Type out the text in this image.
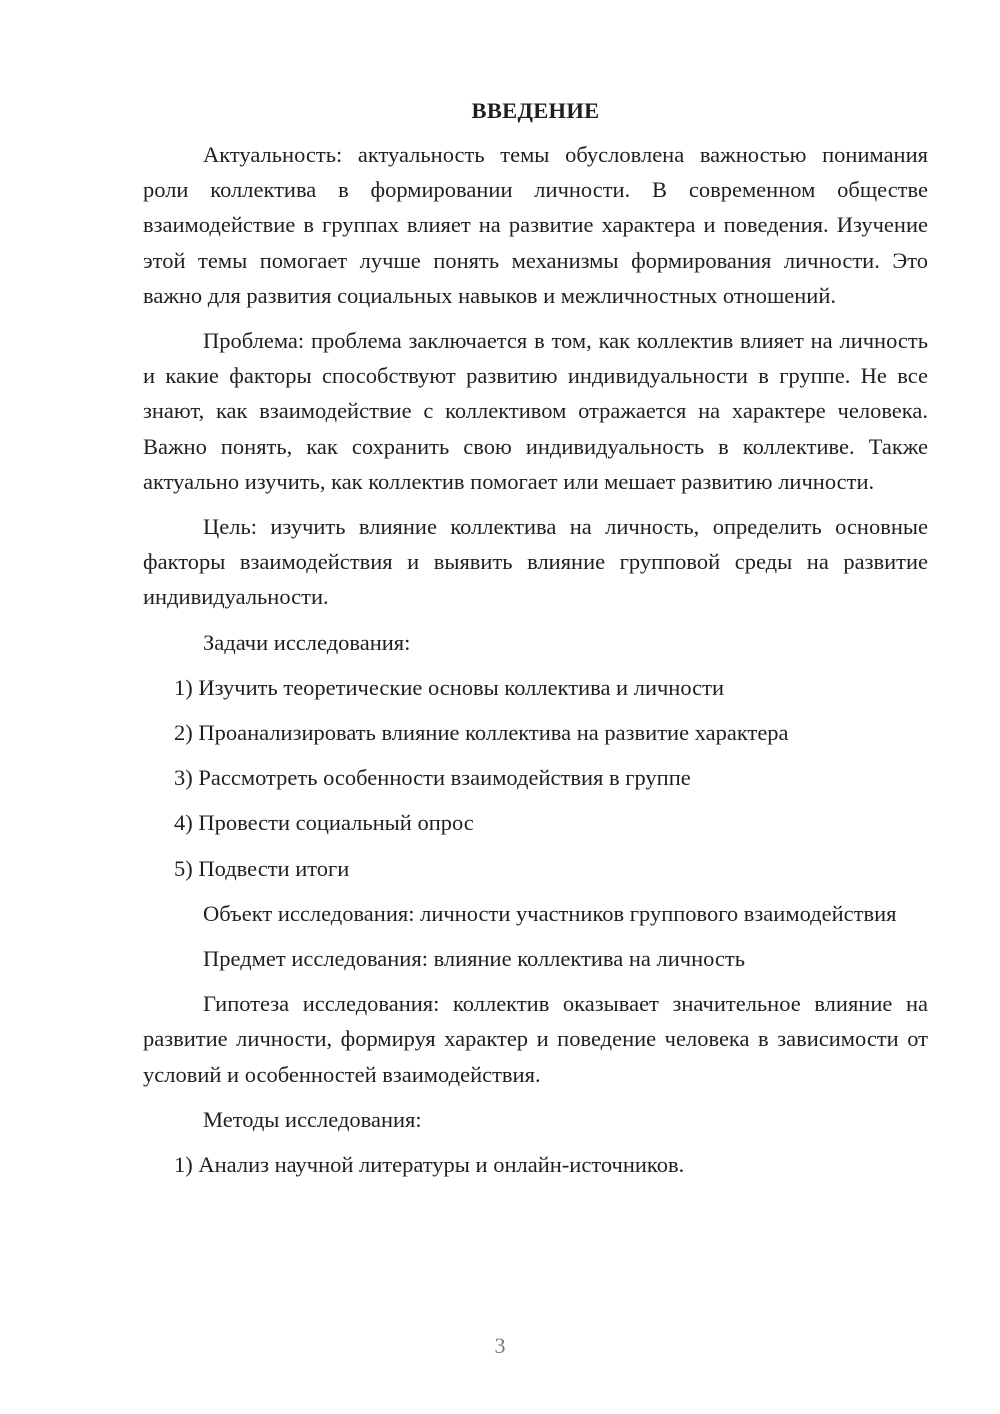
ВВЕДЕНИЕ

Актуальность: актуальность темы обусловлена важностью понимания роли коллектива в формировании личности. В современном обществе взаимодействие в группах влияет на развитие характера и поведения. Изучение этой темы помогает лучше понять механизмы формирования личности. Это важно для развития социальных навыков и межличностных отношений.

Проблема: проблема заключается в том, как коллектив влияет на личность и какие факторы способствуют развитию индивидуальности в группе. Не все знают, как взаимодействие с коллективом отражается на характере человека. Важно понять, как сохранить свою индивидуальность в коллективе. Также актуально изучить, как коллектив помогает или мешает развитию личности.

Цель: изучить влияние коллектива на личность, определить основные факторы взаимодействия и выявить влияние групповой среды на развитие индивидуальности.

Задачи исследования:

1) Изучить теоретические основы коллектива и личности

2) Проанализировать влияние коллектива на развитие характера

3) Рассмотреть особенности взаимодействия в группе

4) Провести социальный опрос

5) Подвести итоги

Объект исследования: личности участников группового взаимодействия

Предмет исследования: влияние коллектива на личность

Гипотеза исследования: коллектив оказывает значительное влияние на развитие личности, формируя характер и поведение человека в зависимости от условий и особенностей взаимодействия.

Методы исследования:

1) Анализ научной литературы и онлайн-источников.

3
